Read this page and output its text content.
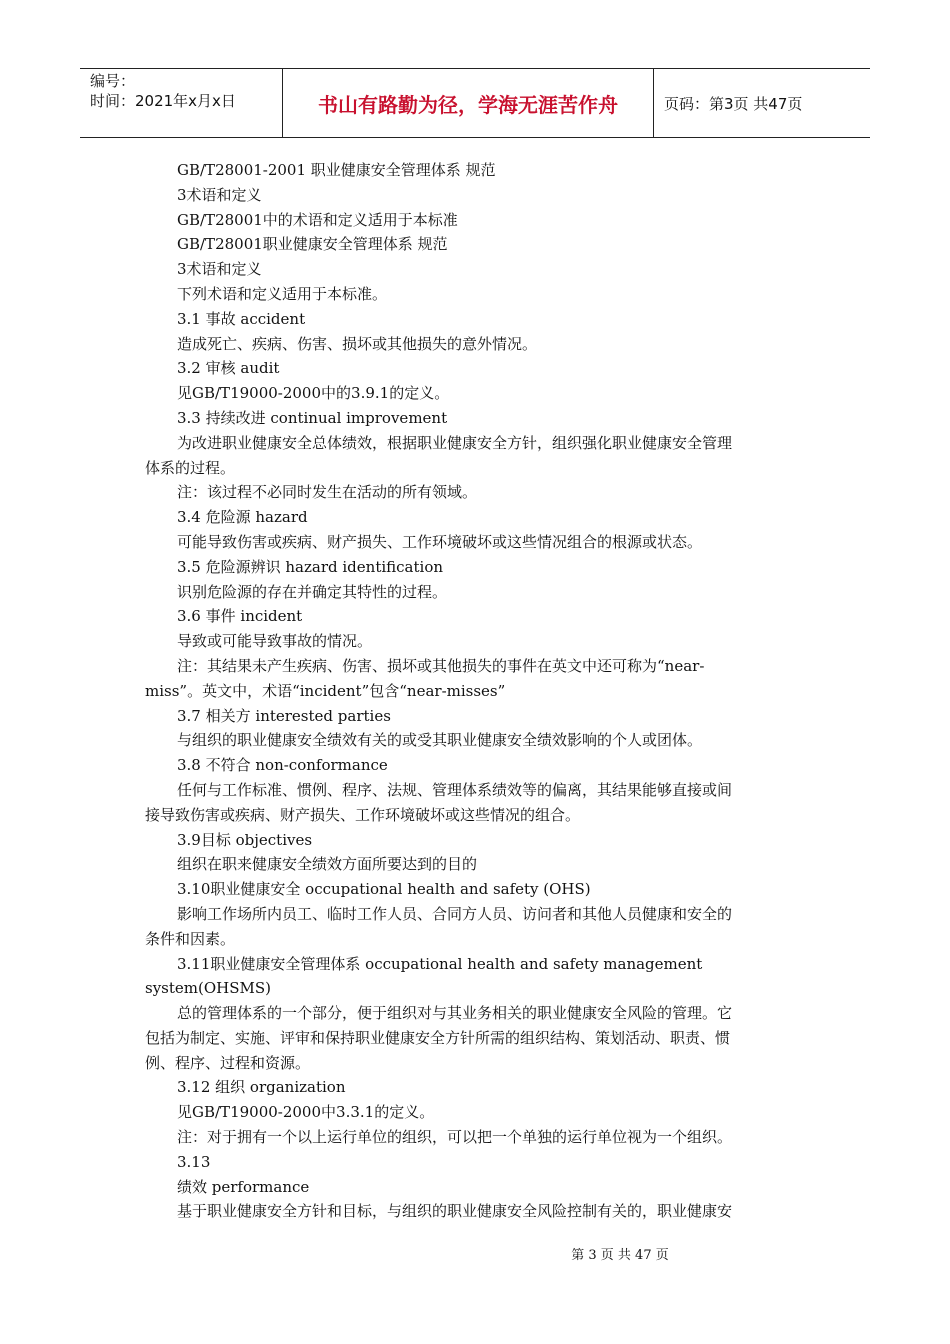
编号：
时间：2021年x月x日	书山有路勤为径，学海无涯苦作舟	页码：第3页 共47页
GB/T28001-2001 职业健康安全管理体系 规范
3术语和定义
GB/T28001中的术语和定义适用于本标准
GB/T28001职业健康安全管理体系 规范
3术语和定义
下列术语和定义适用于本标准。
3.1 事故 accident
造成死亡、疾病、伤害、损坏或其他损失的意外情况。
3.2 审核 audit
见GB/T19000-2000中的3.9.1的定义。
3.3 持续改进 continual improvement
为改进职业健康安全总体绩效，根据职业健康安全方针，组织强化职业健康安全管理
体系的过程。
注：该过程不必同时发生在活动的所有领域。
3.4 危险源 hazard
可能导致伤害或疾病、财产损失、工作环境破坏或这些情况组合的根源或状态。
3.5 危险源辨识 hazard identification
识别危险源的存在并确定其特性的过程。
3.6 事件 incident
导致或可能导致事故的情况。
注：其结果未产生疾病、伤害、损坏或其他损失的事件在英文中还可称为“near-
miss”。英文中，术语“incident”包含“near-misses”
3.7 相关方 interested parties
与组织的职业健康安全绩效有关的或受其职业健康安全绩效影响的个人或团体。
3.8 不符合 non-conformance
任何与工作标准、惯例、程序、法规、管理体系绩效等的偏离，其结果能够直接或间
接导致伤害或疾病、财产损失、工作环境破坏或这些情况的组合。
3.9目标 objectives
组织在职来健康安全绩效方面所要达到的目的
3.10职业健康安全 occupational health and safety (OHS)
影响工作场所内员工、临时工作人员、合同方人员、访问者和其他人员健康和安全的
条件和因素。
3.11职业健康安全管理体系 occupational health and safety management
system(OHSMS)
总的管理体系的一个部分，便于组织对与其业务相关的职业健康安全风险的管理。它
包括为制定、实施、评审和保持职业健康安全方针所需的组织结构、策划活动、职责、惯
例、程序、过程和资源。
3.12 组织 organization
见GB/T19000-2000中3.3.1的定义。
注：对于拥有一个以上运行单位的组织，可以把一个单独的运行单位视为一个组织。
3.13
绩效 performance
基于职业健康安全方针和目标，与组织的职业健康安全风险控制有关的，职业健康安
第 3 页 共 47 页
